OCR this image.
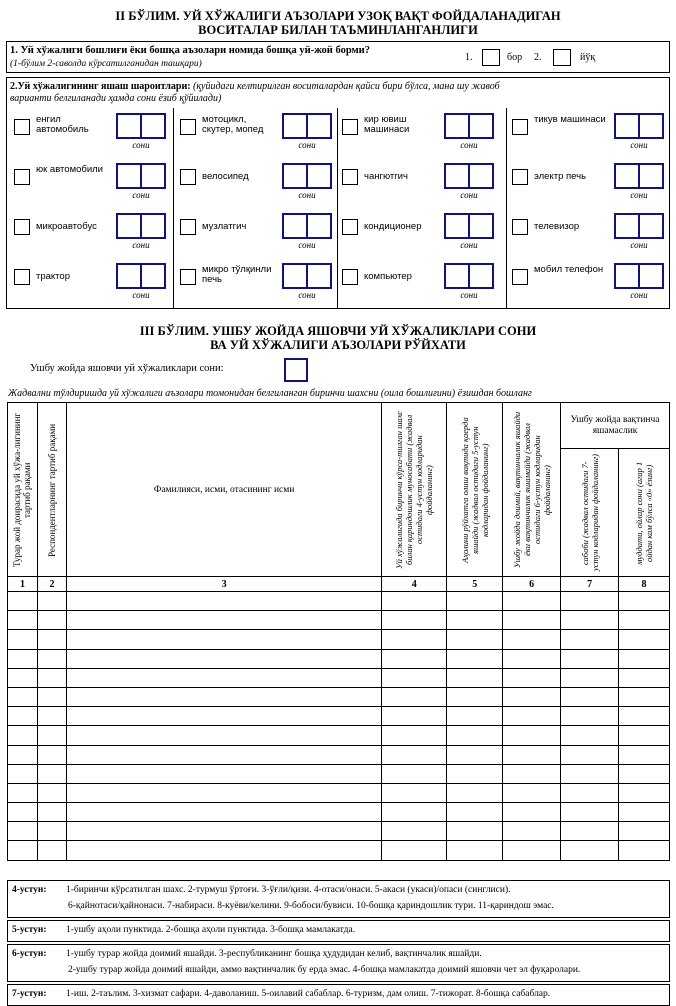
II БЎЛИМ. УЙ ХЎЖАЛИГИ АЪЗОЛАРИ УЗОҚ ВАҚТ ФОЙДАЛАНАДИГАН
ВОСИТАЛАР БИЛАН ТАЪМИНЛАНГАНЛИГИ
1. Уй хўжалиги бошлиғи ёки бошқа аъзолари номида бошқа уй-жой борми?
(1-бўлим 2-саволда кўрсатилганидан ташқари)
1.	бор 2.	йўқ
2.Уй хўжалигининг яшаш шароитлари: (қуйидаги келтирилган воситалардан қайси бири бўлса, мана шу жавоб
варианти белгиланади ҳамда сони ёзиб қўйилади)
енгил автомобиль
сони
мотоцикл, скутер, мопед
сони
кир ювиш машинаси
сони
тикув машинаси
сони
юк автомобили
сони
велосипед
сони
чангютгич
сони
электр печь
сони
микроавтобус
сони
музлатгич
сони
кондиционер
сони
телевизор
сони
трактор
сони
микро тўлқинли печь
сони
компьютер
сони
мобил телефон
сони
III БЎЛИМ. УШБУ ЖОЙДА ЯШОВЧИ УЙ ХЎЖАЛИКЛАРИ СОНИ
ВА УЙ ХЎЖАЛИГИ АЪЗОЛАРИ РЎЙХАТИ
Ушбу жойда яшовчи уй хўжаликлари сони:
Жадвални тўлдиришда уй хўжалиги аъзолари томонидан белгиланган биринчи шахсни (оила бошлиғини) ёзишдан бошланг
Турар жой доирасида уй хўжа-лигининг тартиб рақами	Респондентларнинг тартиб рақами	Фамилияси, исми, отасининг исми	Уй хўжалигида биринчи кўрса-тилган шахс билан қариндошлик муносабати (жадвал остидаги 4-устун кодларидан фойдаланинг)	Аҳолини рўйхатга олиш вақтида қаерда яшайди (жадвал остидаги 5-устун кодларидан фойдаланинг)	Ушбу жойда доимий, вақтинчалик яшайди ёки вақтинчалик яшамайди (жадвал остидаги 6-устун кодларидан фойдаланинг)	Ушбу жойда вақтинча яшамаслик	

						сабаби (жадвал остидаги 7-устун кодларидан фойдаланинг)	муддати, ойлар сони (агар 1 ойдан кам бўлса «0» ёзинг)

1	2	3	4	5	6	7	8

4-устун: 1-биринчи кўрсатилган шахс. 2-турмуш ўртоғи. 3-ўғли/қизи. 4-отаси/онаси. 5-акаси (укаси)/опаси (синглиси).
6-қайнотаси/қайнонаси. 7-набираси. 8-куёви/келини. 9-бобоси/бувиси. 10-бошқа қариндошлик тури. 11-қариндош эмас.
5-устун: 1-ушбу аҳоли пунктида. 2-бошқа аҳоли пунктида. 3-бошқа мамлакатда.
6-устун: 1-ушбу турар жойда доимий яшайди. 3-республиканинг бошқа ҳудудидан келиб, вақтинчалик яшайди.
2-ушбу турар жойда доимий яшайди, аммо вақтинчалик бу ерда эмас. 4-бошқа мамлакатда доимий яшовчи чет эл фуқаролари.
7-устун: 1-иш. 2-таълим. 3-хизмат сафари. 4-даволаниш. 5-оилавий сабаблар. 6-туризм, дам олиш. 7-тижорат. 8-бошқа сабаблар.
